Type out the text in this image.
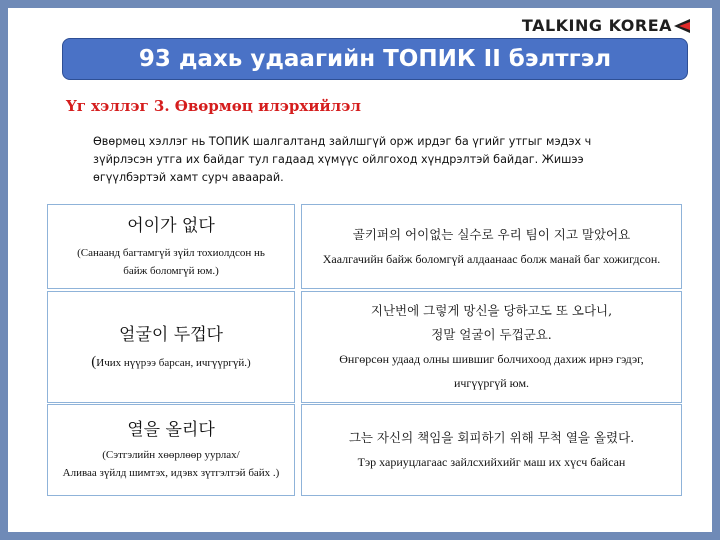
TALKING KOREA
93 дахь удаагийн ТОПИК II бэлтгэл
Үг хэллэг 3. Өвөрмөц илэрхийлэл
Өвөрмөц хэллэг нь ТОПИК шалгалтанд зайлшгүй орж ирдэг ба үгийг утгыг мэдэх ч
зүйрлэсэн утга их байдаг тул гадаад хүмүүс ойлгоход хүндрэлтэй байдаг. Жишээ
өгүүлбэртэй хамт сурч аваарай.
어이가 없다
(Санаанд багтамгүй зүйл тохиолдсон нь
байж боломгүй юм.)
골키퍼의 어이없는 실수로 우리 팀이 지고 말았어요
Хаалгачийн байж боломгүй алдаанаас болж манай баг хожигдсон.
얼굴이 두껍다
(Ичих нүүрээ барсан, ичгүүргүй.)
지난번에 그렇게 망신을 당하고도 또 오다니,
정말 얼굴이 두껍군요.
Өнгөрсөн удаад олны шившиг болчихоод дахиж ирнэ гэдэг,
ичгүүргүй юм.
열을 올리다
(Сэтгэлийн хөөрлөөр уурлах/
Аливаа зүйлд шимтэх, идэвх зүтгэлтэй байх .)
그는 자신의 책임을 회피하기 위해 무척 열을 올렸다.
Тэр хариуцлагаас зайлсхийхийг маш их хүсч байсан
